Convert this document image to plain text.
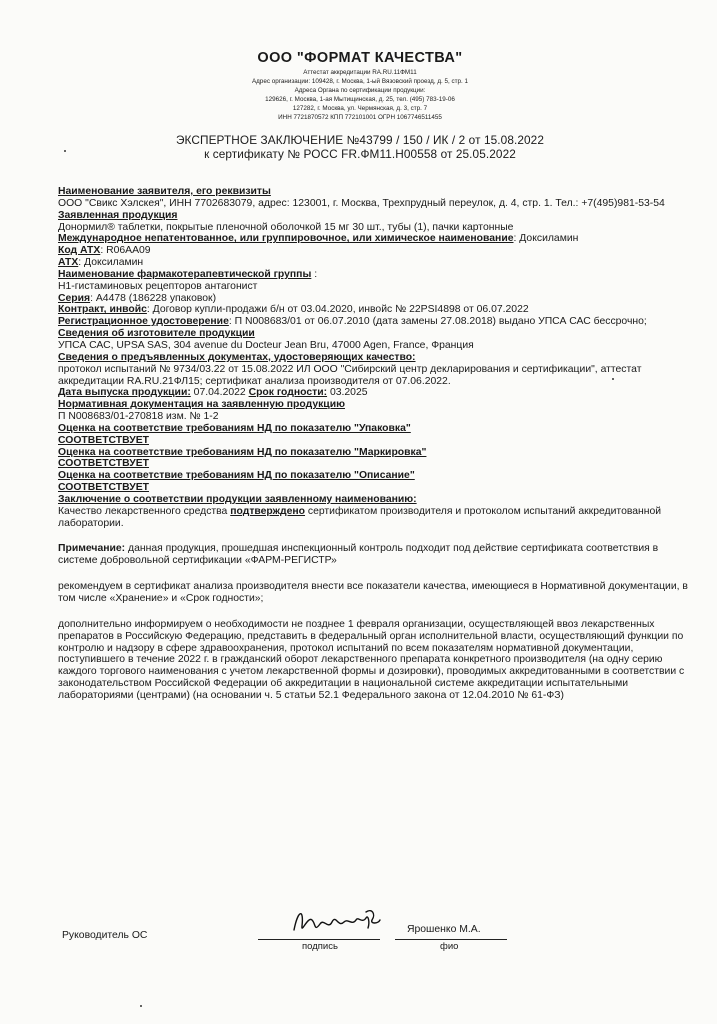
ООО "ФОРМАТ КАЧЕСТВА"
Аттестат аккредитации RA.RU.11ФМ11
Адрес организации: 109428, г. Москва, 1-ый Вязовский проезд, д. 5, стр. 1
Адреса Органа по сертификации продукции:
129626, г. Москва, 1-ая Мытищинская, д. 25, тел. (495) 783-19-06
127282, г. Москва, ул. Чермянская, д. 3, стр. 7
ИНН 7721870572 КПП 772101001 ОГРН 1067746511455
ЭКСПЕРТНОЕ ЗАКЛЮЧЕНИЕ №43799 / 150 / ИК / 2 от 15.08.2022
к сертификату № РОСС FR.ФМ11.Н00558 от 25.05.2022

Наименование заявителя, его реквизиты

ООО "Свикс Хэлскея", ИНН 7702683079, адрес: 123001, г. Москва, Трехпрудный переулок, д. 4, стр. 1. Тел.: +7(495)981-53-54

Заявленная продукция

Донормил® таблетки, покрытые пленочной оболочкой 15 мг 30 шт., тубы (1), пачки картонные

Международное непатентованное, или группировочное, или химическое наименование: Доксиламин

Код АТХ: R06AA09

АТХ: Доксиламин

Наименование фармакотерапевтической группы :

H1-гистаминовых рецепторов антагонист

Серия: A4478 (186228 упаковок)

Контракт, инвойс: Договор купли-продажи б/н от 03.04.2020, инвойс № 22PSI4898 от 06.07.2022

Регистрационное удостоверение: П N008683/01 от 06.07.2010 (дата замены 27.08.2018) выдано УПСА САС бессрочно;

Сведения об изготовителе продукции

УПСА САС, UPSA SAS, 304 avenue du Docteur Jean Bru, 47000 Agen, France, Франция

Сведения о предъявленных документах, удостоверяющих качество:

протокол испытаний № 9734/03.22 от 15.08.2022 ИЛ ООО "Сибирский центр декларирования и сертификации", аттестат аккредитации RA.RU.21ФЛ15; сертификат анализа производителя от 07.06.2022.

Дата выпуска продукции: 07.04.2022 Срок годности: 03.2025

Нормативная документация на заявленную продукцию

П N008683/01-270818 изм. № 1-2

Оценка на соответствие требованиям НД по показателю "Упаковка"

СООТВЕТСТВУЕТ

Оценка на соответствие требованиям НД по показателю "Маркировка"

СООТВЕТСТВУЕТ

Оценка на соответствие требованиям НД по показателю "Описание"

СООТВЕТСТВУЕТ

Заключение о соответствии продукции заявленному наименованию:

Качество лекарственного средства подтверждено сертификатом производителя и протоколом испытаний аккредитованной лаборатории.

Примечание: данная продукция, прошедшая инспекционный контроль подходит под действие сертификата соответствия в системе добровольной сертификации «ФАРМ-РЕГИСТР»

рекомендуем в сертификат анализа производителя внести все показатели качества, имеющиеся в Нормативной документации, в том числе «Хранение» и «Срок годности»;

дополнительно информируем о необходимости не позднее 1 февраля организации, осуществляющей ввоз лекарственных препаратов в Российскую Федерацию, представить в федеральный орган исполнительной власти, осуществляющий функции по контролю и надзору в сфере здравоохранения, протокол испытаний по всем показателям нормативной документации, поступившего в течение 2022 г. в гражданский оборот лекарственного препарата конкретного производителя (на одну серию каждого торгового наименования с учетом лекарственной формы и дозировки), проводимых аккредитованными в соответствии с законодательством Российской Федерации об аккредитации в национальной системе аккредитации испытательными лабораториями (центрами) (на основании ч. 5 статьи 52.1 Федерального закона от 12.04.2010 № 61-ФЗ)

Руководитель ОС
подпись
Ярошенко М.А.
фио
